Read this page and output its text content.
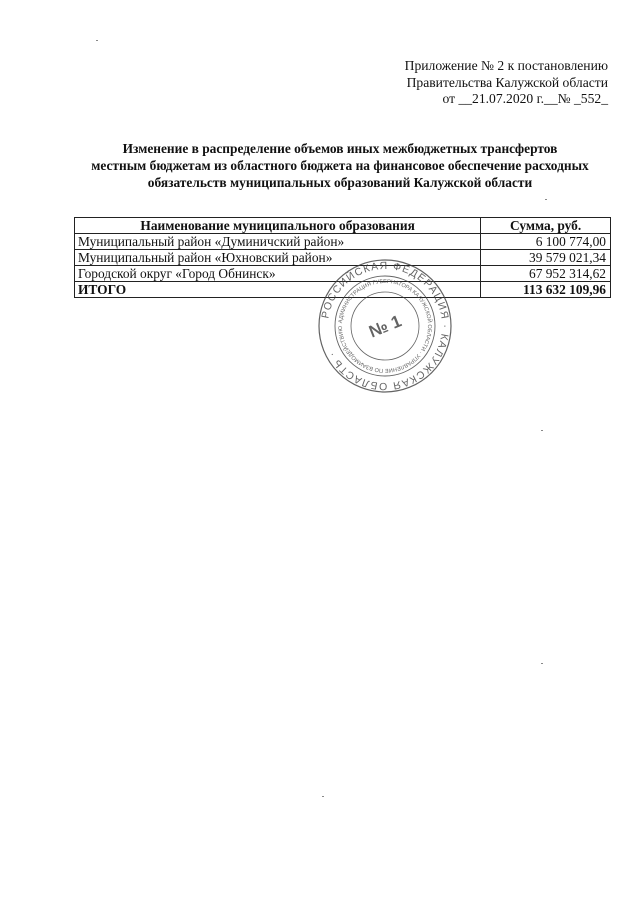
Приложение № 2 к постановлению
Правительства Калужской области
от __21.07.2020 г.__№ _552_
Изменение в распределение объемов иных межбюджетных трансфертов
местным бюджетам из областного бюджета на финансовое обеспечение расходных
обязательств муниципальных образований Калужской области
Наименование муниципального образования	Сумма, руб.
Муниципальный район «Думиничский район»	6 100 774,00
Муниципальный район «Юхновский район»	39 579 021,34
Городской округ «Город Обнинск»	67 952 314,62
ИТОГО	113 632 109,96
РОССИЙСКАЯ ФЕДЕРАЦИЯ · КАЛУЖСКАЯ ОБЛАСТЬ ·
АДМИНИСТРАЦИЯ ГУБЕРНАТОРА КАЛУЖСКОЙ ОБЛАСТИ · УПРАВЛЕНИЕ ПО ВЗАИМОДЕЙСТВИЮ	№ 1
